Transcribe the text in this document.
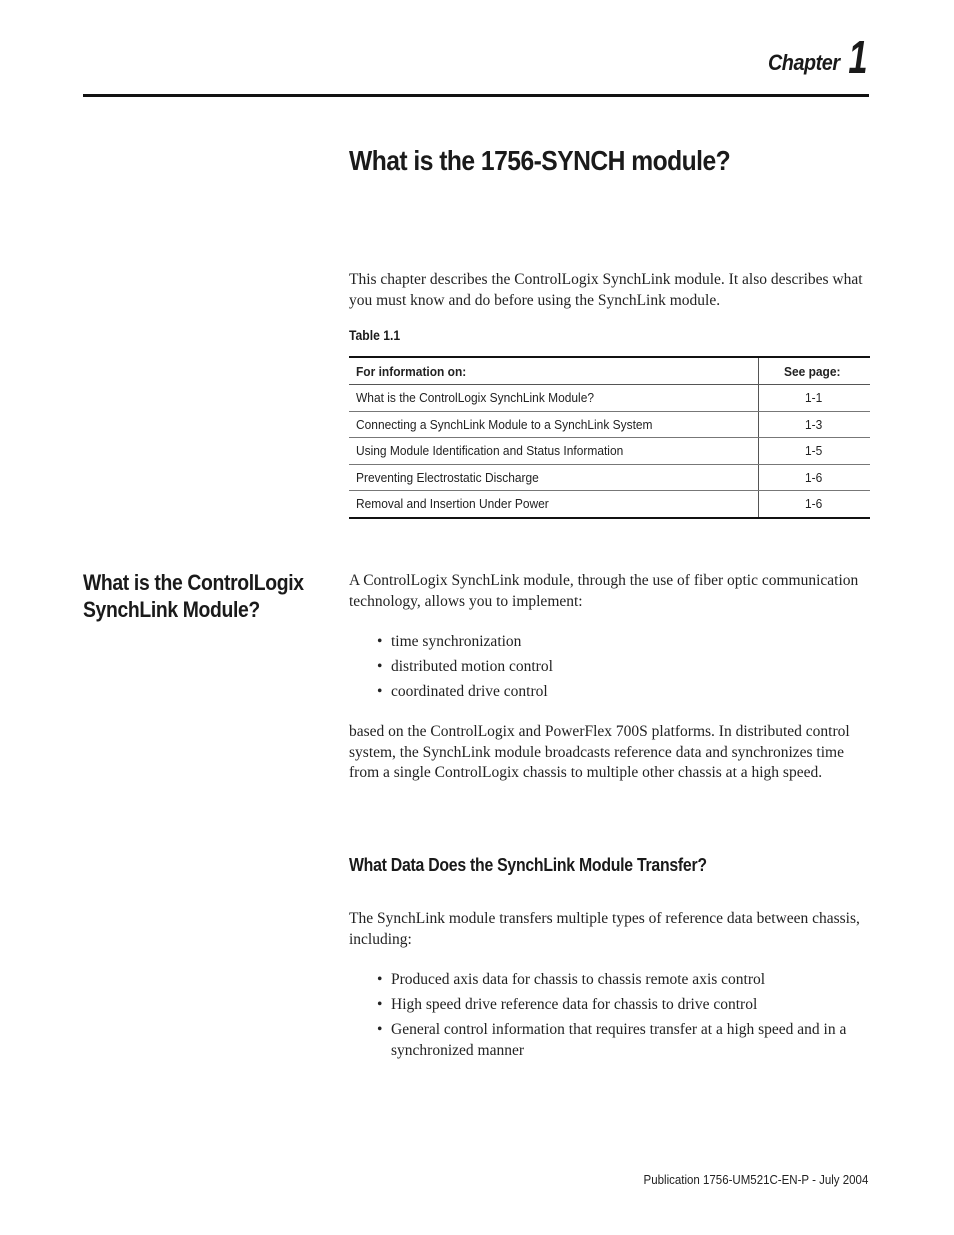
Chapter 1
What is the 1756-SYNCH module?

This chapter describes the ControlLogix SynchLink module. It also describes what you must know and do before using the SynchLink module.

Table 1.1
For information on:	See page:
What is the ControlLogix SynchLink Module?	1-1
Connecting a SynchLink Module to a SynchLink System	1-3
Using Module Identification and Status Information	1-5
Preventing Electrostatic Discharge	1-6
Removal and Insertion Under Power	1-6
What is the ControlLogix SynchLink Module?

A ControlLogix SynchLink module, through the use of fiber optic communication technology, allows you to implement:

• time synchronization
• distributed motion control
• coordinated drive control

based on the ControlLogix and PowerFlex 700S platforms. In distributed control system, the SynchLink module broadcasts reference data and synchronizes time from a single ControlLogix chassis to multiple other chassis at a high speed.

What Data Does the SynchLink Module Transfer?

The SynchLink module transfers multiple types of reference data between chassis, including:

• Produced axis data for chassis to chassis remote axis control
• High speed drive reference data for chassis to drive control
• General control information that requires transfer at a high speed and in a synchronized manner
Publication 1756-UM521C-EN-P - July 2004
